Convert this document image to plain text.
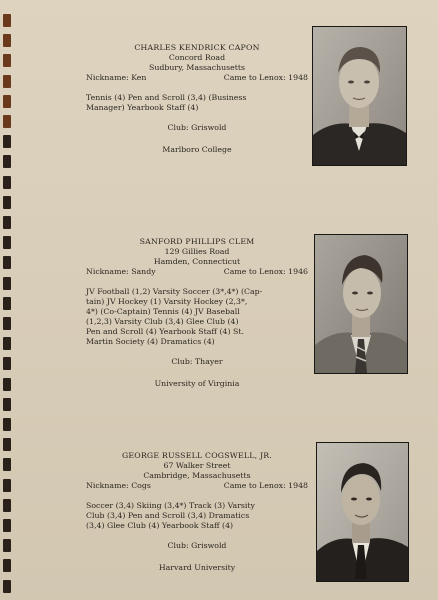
CHARLES KENDRICK CAPON

Concord Road

Sudbury, Massachusetts

Nickname: Ken	Came to Lenox: 1948
Tennis (4) Pen and Scroll (3,4) (Business
Manager) Yearbook Staff (4)
Club: Griswold
Marlboro College

SANFORD PHILLIPS CLEM

129 Gillies Road

Hamden, Connecticut

Nickname: Sandy	Came to Lenox: 1946
JV Football (1,2) Varsity Soccer (3*,4*) (Cap-
tain) JV Hockey (1) Varsity Hockey (2,3*,
4*) (Co-Captain) Tennis (4) JV Baseball
(1,2,3) Varsity Club (3,4) Glee Club (4)
Pen and Scroll (4) Yearbook Staff (4) St.
Martin Society (4) Dramatics (4)
Club: Thayer
University of Virginia

GEORGE RUSSELL COGSWELL, JR.

67 Walker Street

Cambridge, Massachusetts

Nickname: Cogs	Came to Lenox: 1948
Soccer (3,4) Skiing (3,4*) Track (3) Varsity
Club (3,4) Pen and Scroll (3,4) Dramatics
(3,4) Glee Club (4) Yearbook Staff (4)
Club: Griswold
Harvard University
